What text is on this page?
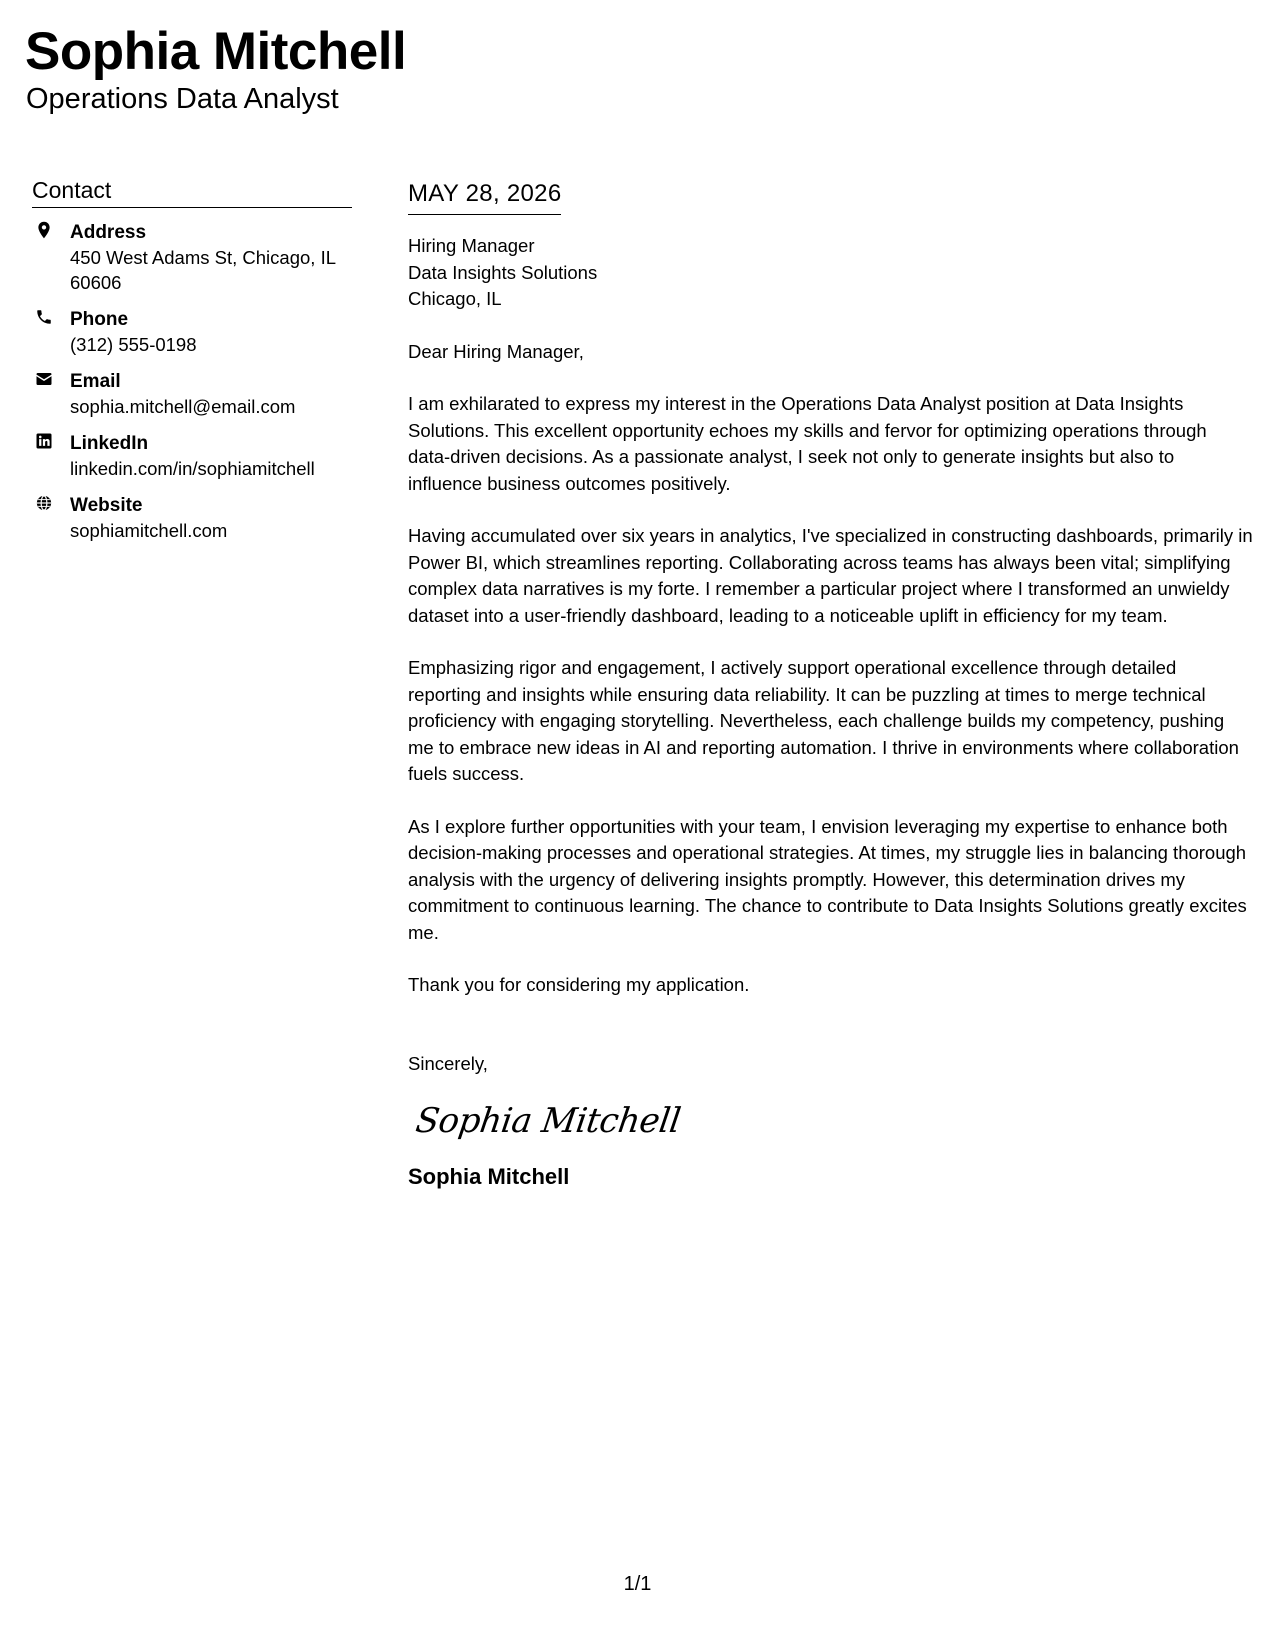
Sophia Mitchell
Operations Data Analyst
Contact
Address
450 West Adams St, Chicago, IL 60606
Phone
(312) 555-0198
Email
sophia.mitchell@email.com
LinkedIn
linkedin.com/in/sophiamitchell
Website
sophiamitchell.com
MAY 28, 2026
Hiring Manager
Data Insights Solutions
Chicago, IL
Dear Hiring Manager,

I am exhilarated to express my interest in the Operations Data Analyst position at Data Insights Solutions. This excellent opportunity echoes my skills and fervor for optimizing operations through data-driven decisions. As a passionate analyst, I seek not only to generate insights but also to influence business outcomes positively.

Having accumulated over six years in analytics, I've specialized in constructing dashboards, primarily in Power BI, which streamlines reporting. Collaborating across teams has always been vital; simplifying complex data narratives is my forte. I remember a particular project where I transformed an unwieldy dataset into a user-friendly dashboard, leading to a noticeable uplift in efficiency for my team.

Emphasizing rigor and engagement, I actively support operational excellence through detailed reporting and insights while ensuring data reliability. It can be puzzling at times to merge technical proficiency with engaging storytelling. Nevertheless, each challenge builds my competency, pushing me to embrace new ideas in AI and reporting automation. I thrive in environments where collaboration fuels success.

As I explore further opportunities with your team, I envision leveraging my expertise to enhance both decision-making processes and operational strategies. At times, my struggle lies in balancing thorough analysis with the urgency of delivering insights promptly. However, this determination drives my commitment to continuous learning. The chance to contribute to Data Insights Solutions greatly excites me.

Thank you for considering my application.

Sincerely,
Sophia Mitchell
Sophia Mitchell
1/1
